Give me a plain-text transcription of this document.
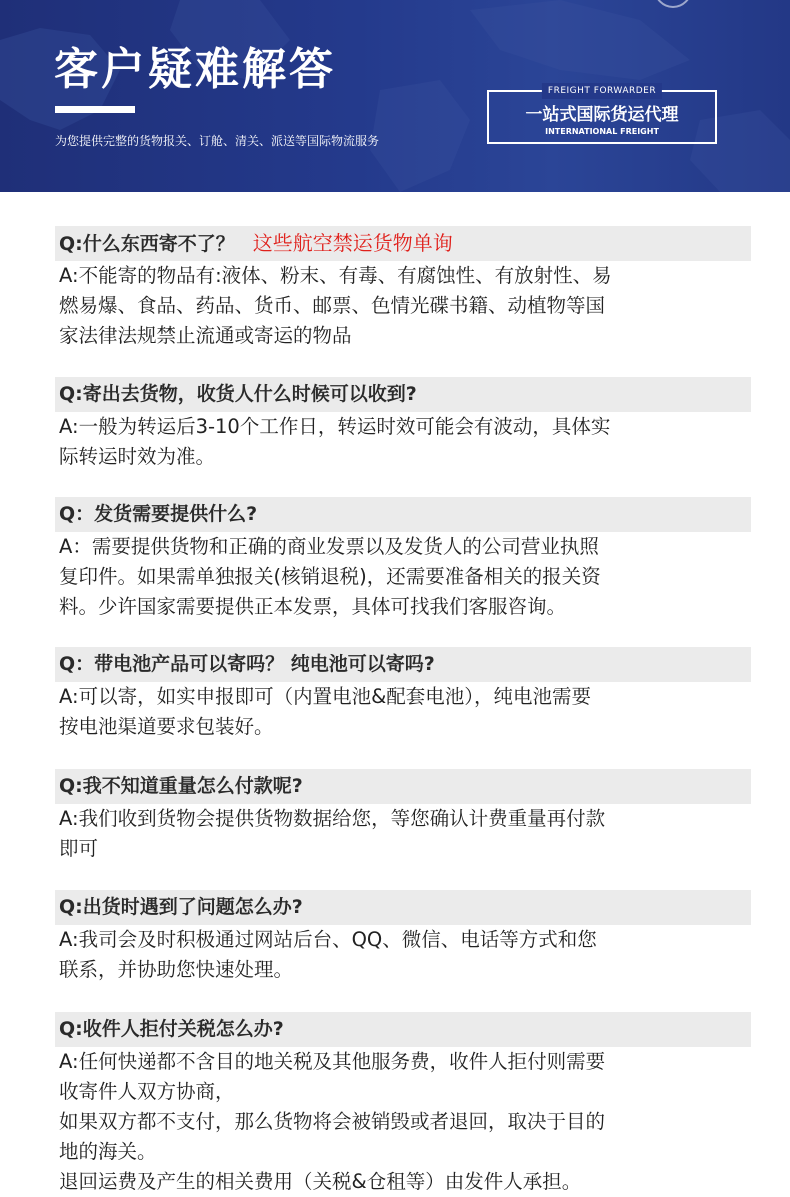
客户疑难解答
为您提供完整的货物报关、订舱、清关、派送等国际物流服务
FREIGHT FORWARDER
一站式国际货运代理
INTERNATIONAL FREIGHT
Q:什么东西寄不了？ 这些航空禁运货物单询
A:不能寄的物品有:液体、粉末、有毒、有腐蚀性、有放射性、易
燃易爆、食品、药品、货币、邮票、色情光碟书籍、动植物等国
家法律法规禁止流通或寄运的物品
Q:寄出去货物，收货人什么时候可以收到?
A:一般为转运后3-10个工作日，转运时效可能会有波动，具体实
际转运时效为准。
Q：发货需要提供什么?
A：需要提供货物和正确的商业发票以及发货人的公司营业执照
复印件。如果需单独报关(核销退税)，还需要准备相关的报关资
料。少许国家需要提供正本发票，具体可找我们客服咨询。
Q：带电池产品可以寄吗？ 纯电池可以寄吗?
A:可以寄，如实申报即可（内置电池&配套电池），纯电池需要
按电池渠道要求包装好。
Q:我不知道重量怎么付款呢?
A:我们收到货物会提供货物数据给您，等您确认计费重量再付款
即可
Q:出货时遇到了问题怎么办?
A:我司会及时积极通过网站后台、QQ、微信、电话等方式和您
联系，并协助您快速处理。
Q:收件人拒付关税怎么办?
A:任何快递都不含目的地关税及其他服务费，收件人拒付则需要
收寄件人双方协商，
如果双方都不支付，那么货物将会被销毁或者退回，取决于目的
地的海关。
退回运费及产生的相关费用（关税&仓租等）由发件人承担。
